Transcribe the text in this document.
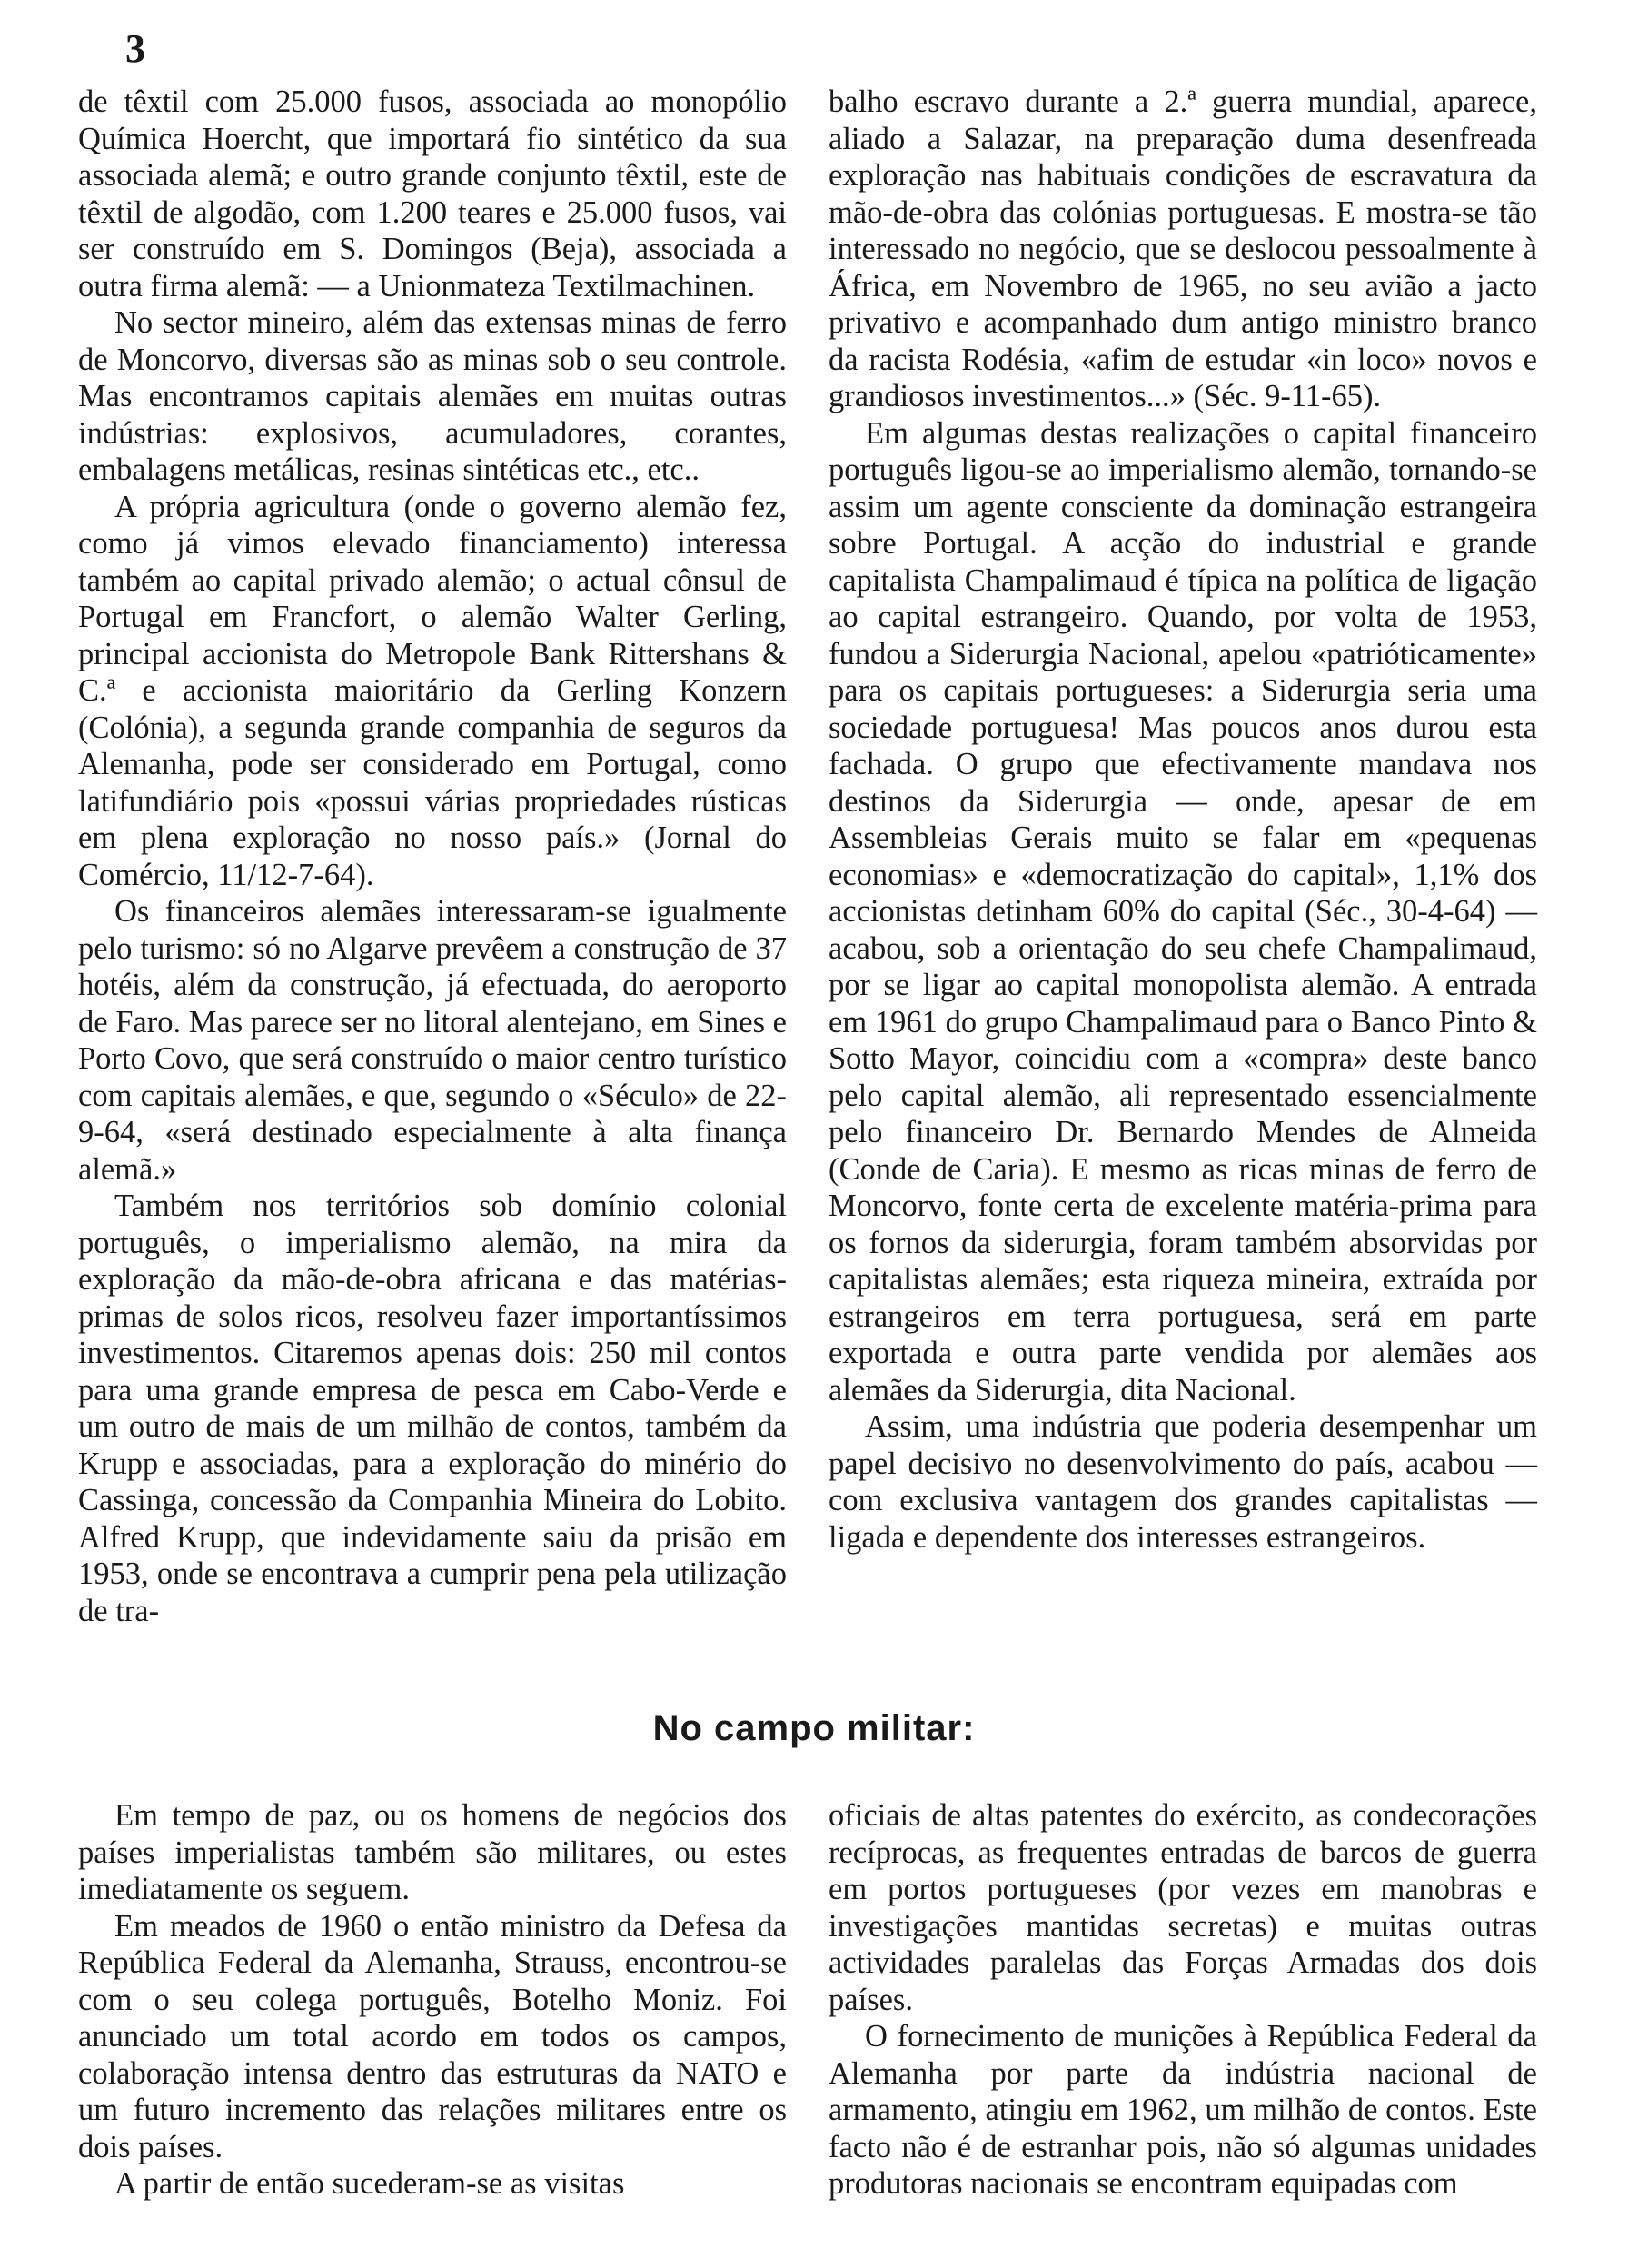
3

de têxtil com 25.000 fusos, associada ao monopólio Química Hoercht, que importará fio sintético da sua associada alemã; e outro grande conjunto têxtil, este de têxtil de algodão, com 1.200 teares e 25.000 fusos, vai ser construído em S. Domingos (Beja), associada a outra firma alemã: — a Unionmateza Textilmachinen.

No sector mineiro, além das extensas minas de ferro de Moncorvo, diversas são as minas sob o seu controle. Mas encontramos capitais alemães em muitas outras indústrias: explosivos, acumuladores, corantes, embalagens metálicas, resinas sintéticas etc., etc..

A própria agricultura (onde o governo alemão fez, como já vimos elevado financiamento) interessa também ao capital privado alemão; o actual cônsul de Portugal em Francfort, o alemão Walter Gerling, principal accionista do Metropole Bank Rittershans & C.ª e accionista maioritário da Gerling Konzern (Colónia), a segunda grande companhia de seguros da Alemanha, pode ser considerado em Portugal, como latifundiário pois «possui várias propriedades rústicas em plena exploração no nosso país.» (Jornal do Comércio, 11/12-7-64).

Os financeiros alemães interessaram-se igualmente pelo turismo: só no Algarve prevêem a construção de 37 hotéis, além da construção, já efectuada, do aeroporto de Faro. Mas parece ser no litoral alentejano, em Sines e Porto Covo, que será construído o maior centro turístico com capitais alemães, e que, segundo o «Século» de 22-9-64, «será destinado especialmente à alta finança alemã.»

Também nos territórios sob domínio colonial português, o imperialismo alemão, na mira da exploração da mão-de-obra africana e das matérias-primas de solos ricos, resolveu fazer importantíssimos investimentos. Citaremos apenas dois: 250 mil contos para uma grande empresa de pesca em Cabo-Verde e um outro de mais de um milhão de contos, também da Krupp e associadas, para a exploração do minério do Cassinga, concessão da Companhia Mineira do Lobito. Alfred Krupp, que indevidamente saiu da prisão em 1953, onde se encontrava a cumprir pena pela utilização de tra-

balho escravo durante a 2.ª guerra mundial, aparece, aliado a Salazar, na preparação duma desenfreada exploração nas habituais condições de escravatura da mão-de-obra das colónias portuguesas. E mostra-se tão interessado no negócio, que se deslocou pessoalmente à África, em Novembro de 1965, no seu avião a jacto privativo e acompanhado dum antigo ministro branco da racista Rodésia, «afim de estudar «in loco» novos e grandiosos investimentos...» (Séc. 9-11-65).

Em algumas destas realizações o capital financeiro português ligou-se ao imperialismo alemão, tornando-se assim um agente consciente da dominação estrangeira sobre Portugal. A acção do industrial e grande capitalista Champalimaud é típica na política de ligação ao capital estrangeiro. Quando, por volta de 1953, fundou a Siderurgia Nacional, apelou «patrióticamente» para os capitais portugueses: a Siderurgia seria uma sociedade portuguesa! Mas poucos anos durou esta fachada. O grupo que efectivamente mandava nos destinos da Siderurgia — onde, apesar de em Assembleias Gerais muito se falar em «pequenas economias» e «democratização do capital», 1,1% dos accionistas detinham 60% do capital (Séc., 30-4-64) — acabou, sob a orientação do seu chefe Champalimaud, por se ligar ao capital monopolista alemão. A entrada em 1961 do grupo Champalimaud para o Banco Pinto & Sotto Mayor, coincidiu com a «compra» deste banco pelo capital alemão, ali representado essencialmente pelo financeiro Dr. Bernardo Mendes de Almeida (Conde de Caria). E mesmo as ricas minas de ferro de Moncorvo, fonte certa de excelente matéria-prima para os fornos da siderurgia, foram também absorvidas por capitalistas alemães; esta riqueza mineira, extraída por estrangeiros em terra portuguesa, será em parte exportada e outra parte vendida por alemães aos alemães da Siderurgia, dita Nacional.

Assim, uma indústria que poderia desempenhar um papel decisivo no desenvolvimento do país, acabou — com exclusiva vantagem dos grandes capitalistas — ligada e dependente dos interesses estrangeiros.

No campo militar:

Em tempo de paz, ou os homens de negócios dos países imperialistas também são militares, ou estes imediatamente os seguem.

Em meados de 1960 o então ministro da Defesa da República Federal da Alemanha, Strauss, encontrou-se com o seu colega português, Botelho Moniz. Foi anunciado um total acordo em todos os campos, colaboração intensa dentro das estruturas da NATO e um futuro incremento das relações militares entre os dois países.

A partir de então sucederam-se as visitas

oficiais de altas patentes do exército, as condecorações recíprocas, as frequentes entradas de barcos de guerra em portos portugueses (por vezes em manobras e investigações mantidas secretas) e muitas outras actividades paralelas das Forças Armadas dos dois países.

O fornecimento de munições à República Federal da Alemanha por parte da indústria nacional de armamento, atingiu em 1962, um milhão de contos. Este facto não é de estranhar pois, não só algumas unidades produtoras nacionais se encontram equipadas com
